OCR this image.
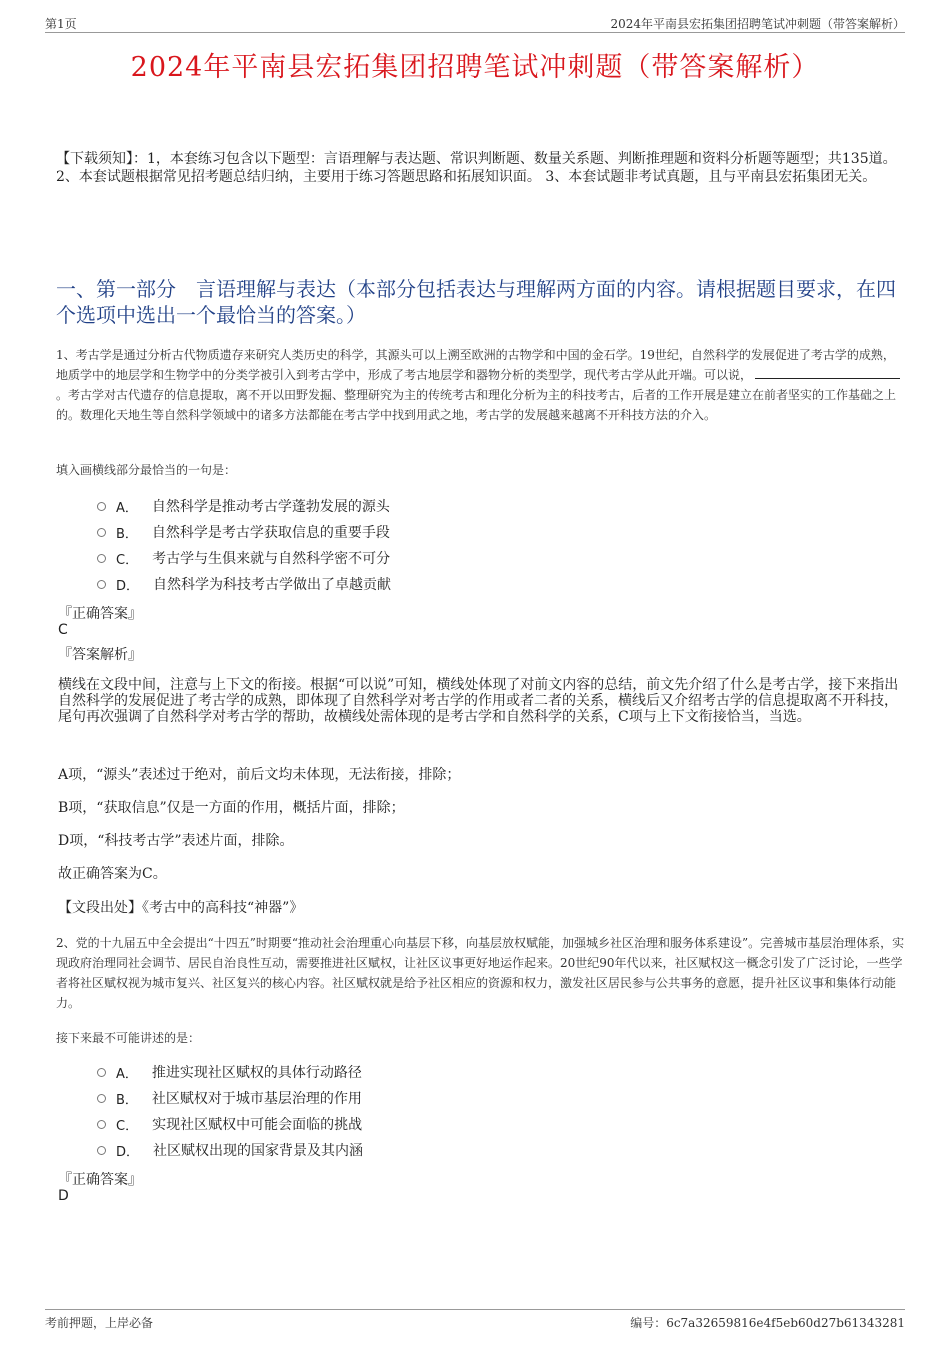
第1页	2024年平南县宏拓集团招聘笔试冲刺题（带答案解析）
2024年平南县宏拓集团招聘笔试冲刺题（带答案解析）
【下载须知】：1，本套练习包含以下题型：言语理解与表达题、常识判断题、数量关系题、判断推理题和资料分析题等题型；共135道。 2、本套试题根据常见招考题总结归纳，主要用于练习答题思路和拓展知识面。 3、本套试题非考试真题，且与平南县宏拓集团无关。
一、第一部分　言语理解与表达（本部分包括表达与理解两方面的内容。请根据题目要求，在四个选项中选出一个最恰当的答案。）
1、考古学是通过分析古代物质遗存来研究人类历史的科学，其源头可以上溯至欧洲的古物学和中国的金石学。19世纪，自然科学的发展促进了考古学的成熟，地质学中的地层学和生物学中的分类学被引入到考古学中，形成了考古地层学和器物分析的类型学，现代考古学从此开端。可以说，。考古学对古代遗存的信息提取，离不开以田野发掘、整理研究为主的传统考古和理化分析为主的科技考古，后者的工作开展是建立在前者坚实的工作基础之上的。数理化天地生等自然科学领域中的诸多方法都能在考古学中找到用武之地，考古学的发展越来越离不开科技方法的介入。
填入画横线部分最恰当的一句是：
A． 自然科学是推动考古学蓬勃发展的源头
B． 自然科学是考古学获取信息的重要手段
C． 考古学与生俱来就与自然科学密不可分
D． 自然科学为科技考古学做出了卓越贡献
『正确答案』
C
『答案解析』
横线在文段中间，注意与上下文的衔接。根据“可以说”可知，横线处体现了对前文内容的总结，前文先介绍了什么是考古学，接下来指出自然科学的发展促进了考古学的成熟，即体现了自然科学对考古学的作用或者二者的关系，横线后又介绍考古学的信息提取离不开科技，尾句再次强调了自然科学对考古学的帮助，故横线处需体现的是考古学和自然科学的关系，C项与上下文衔接恰当，当选。
A项，“源头”表述过于绝对，前后文均未体现，无法衔接，排除；
B项，“获取信息”仅是一方面的作用，概括片面，排除；
D项，“科技考古学”表述片面，排除。
故正确答案为C。
【文段出处】《考古中的高科技“神器”》
2、党的十九届五中全会提出“十四五”时期要“推动社会治理重心向基层下移，向基层放权赋能，加强城乡社区治理和服务体系建设”。完善城市基层治理体系，实现政府治理同社会调节、居民自治良性互动，需要推进社区赋权，让社区议事更好地运作起来。20世纪90年代以来，社区赋权这一概念引发了广泛讨论，一些学者将社区赋权视为城市复兴、社区复兴的核心内容。社区赋权就是给予社区相应的资源和权力，激发社区居民参与公共事务的意愿，提升社区议事和集体行动能力。
接下来最不可能讲述的是：
A． 推进实现社区赋权的具体行动路径
B． 社区赋权对于城市基层治理的作用
C． 实现社区赋权中可能会面临的挑战
D． 社区赋权出现的国家背景及其内涵
『正确答案』
D
考前押题，上岸必备	编号：6c7a32659816e4f5eb60d27b61343281
